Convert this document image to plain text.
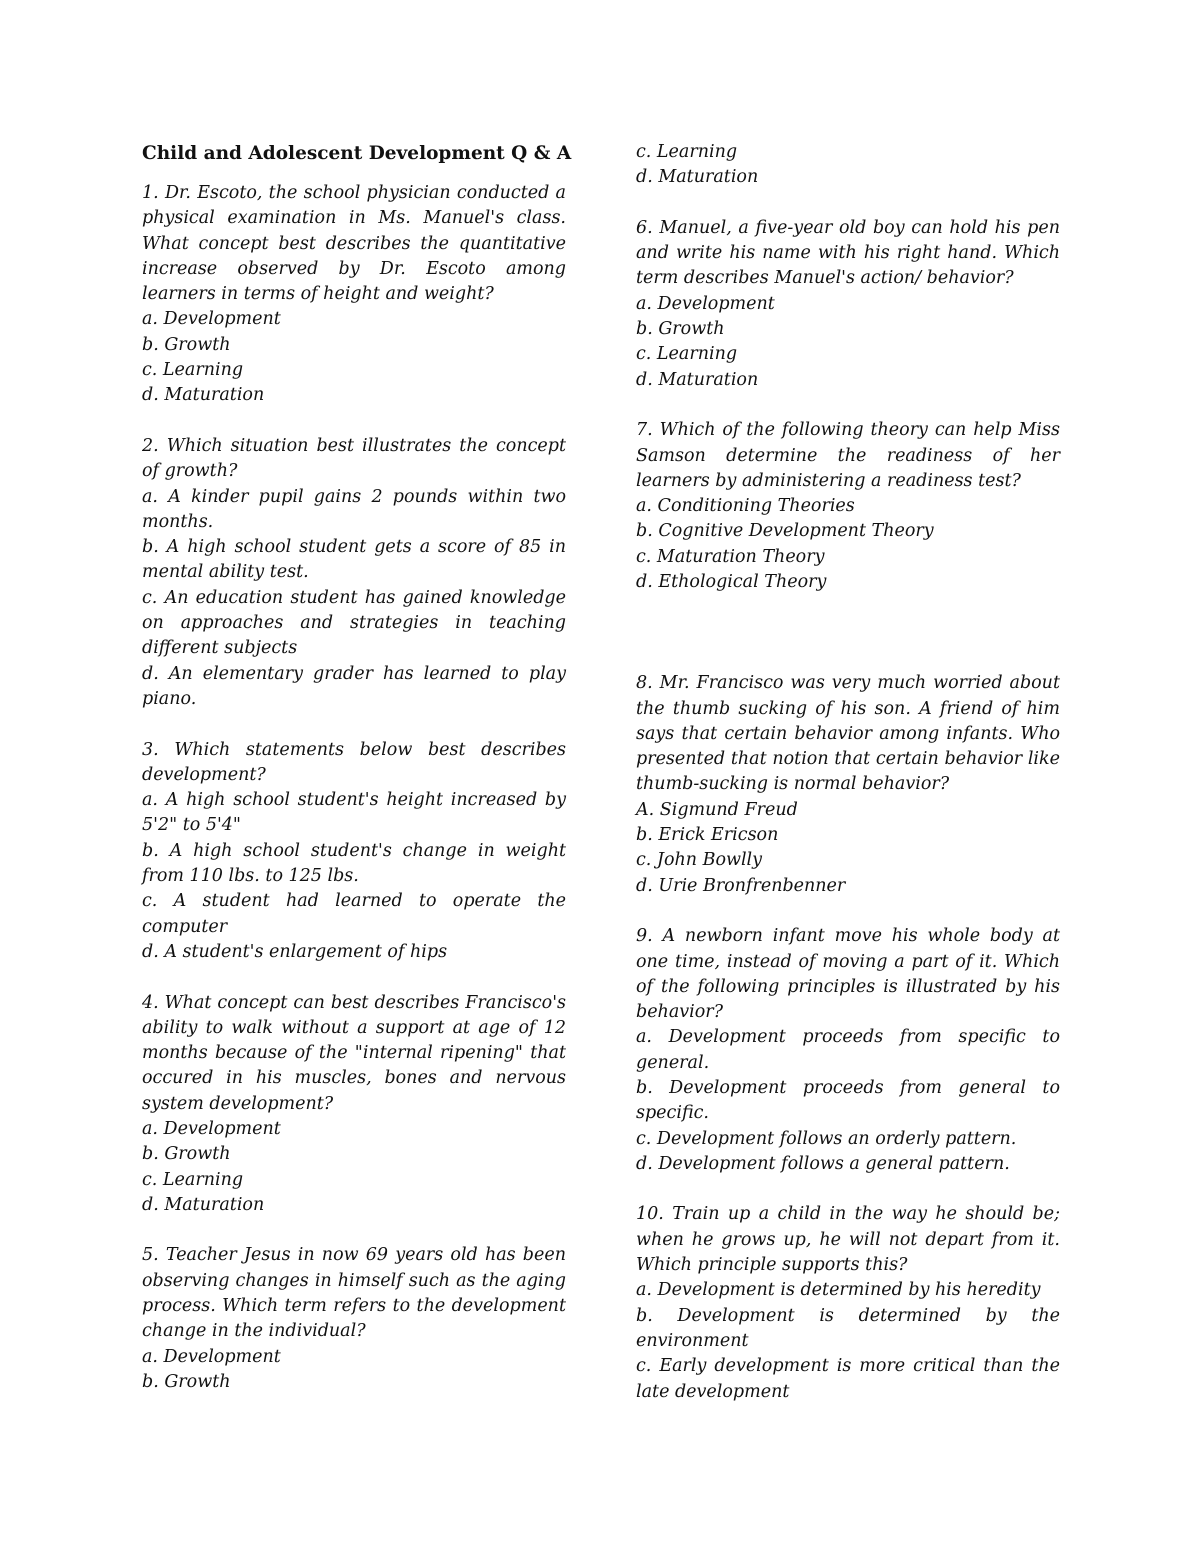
Child and Adolescent Development Q & A
1. Dr. Escoto, the school physician conducted a physical examination in Ms. Manuel's class. What concept best describes the quantitative increase observed by Dr. Escoto among learners in terms of height and weight?
a. Development
b. Growth
c. Learning
d. Maturation
2. Which situation best illustrates the concept of growth?
a. A kinder pupil gains 2 pounds within two months.
b. A high school student gets a score of 85 in mental ability test.
c. An education student has gained knowledge on approaches and strategies in teaching different subjects
d. An elementary grader has learned to play piano.
3. Which statements below best describes development?
a. A high school student's height increased by 5'2" to 5'4"
b. A high school student's change in weight from 110 lbs. to 125 lbs.
c. A student had learned to operate the computer
d. A student's enlargement of hips
4. What concept can best describes Francisco's ability to walk without a support at age of 12 months because of the "internal ripening" that occured in his muscles, bones and nervous system development?
a. Development
b. Growth
c. Learning
d. Maturation
5. Teacher Jesus in now 69 years old has been observing changes in himself such as the aging process. Which term refers to the development change in the individual?
a. Development
b. Growth
c. Learning
d. Maturation
6. Manuel, a five-year old boy can hold his pen and write his name with his right hand. Which term describes Manuel's action/ behavior?
a. Development
b. Growth
c. Learning
d. Maturation
7. Which of the following theory can help Miss Samson determine the readiness of her learners by administering a readiness test?
a. Conditioning Theories
b. Cognitive Development Theory
c. Maturation Theory
d. Ethological Theory
8. Mr. Francisco was very much worried about the thumb sucking of his son. A friend of him says that certain behavior among infants. Who presented that notion that certain behavior like thumb-sucking is normal behavior?
A. Sigmund Freud
b. Erick Ericson
c. John Bowlly
d. Urie Bronfrenbenner
9. A newborn infant move his whole body at one time, instead of moving a part of it. Which of the following principles is illustrated by his behavior?
a. Development proceeds from specific to general.
b. Development proceeds from general to specific.
c. Development follows an orderly pattern.
d. Development follows a general pattern.
10. Train up a child in the way he should be; when he grows up, he will not depart from it. Which principle supports this?
a. Development is determined by his heredity
b. Development is determined by the environment
c. Early development is more critical than the late development
